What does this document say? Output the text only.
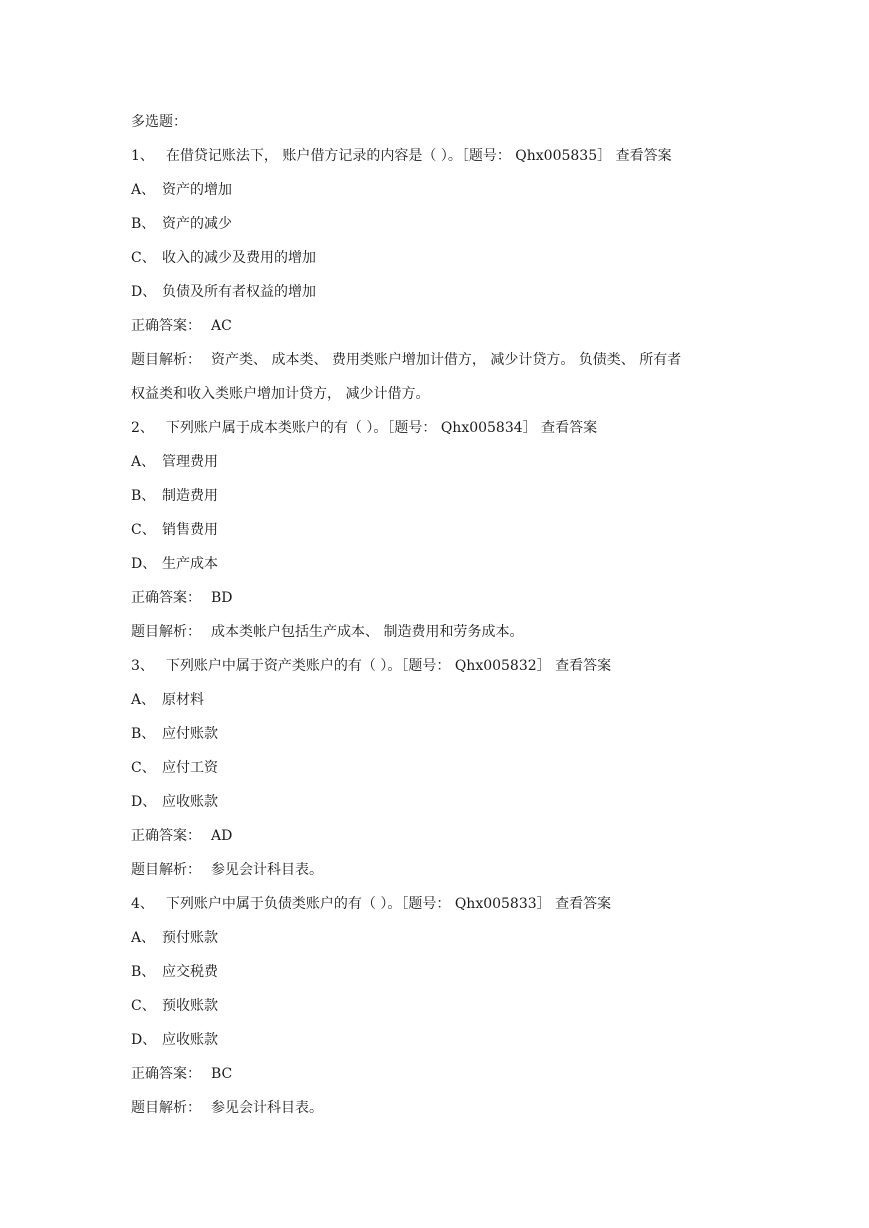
多选题：
1、 在借贷记账法下， 账户借方记录的内容是（ ）。［题号： Qhx005835］ 查看答案
A、 资产的增加
B、 资产的减少
C、 收入的减少及费用的增加
D、 负债及所有者权益的增加
正确答案： AC
题目解析： 资产类、 成本类、 费用类账户增加计借方， 减少计贷方。 负债类、 所有者
权益类和收入类账户增加计贷方， 减少计借方。
2、 下列账户属于成本类账户的有（ ）。［题号： Qhx005834］ 查看答案
A、 管理费用
B、 制造费用
C、 销售费用
D、 生产成本
正确答案： BD
题目解析： 成本类帐户包括生产成本、 制造费用和劳务成本。
3、 下列账户中属于资产类账户的有（ ）。［题号： Qhx005832］ 查看答案
A、 原材料
B、 应付账款
C、 应付工资
D、 应收账款
正确答案： AD
题目解析： 参见会计科目表。
4、 下列账户中属于负债类账户的有（ ）。［题号： Qhx005833］ 查看答案
A、 预付账款
B、 应交税费
C、 预收账款
D、 应收账款
正确答案： BC
题目解析： 参见会计科目表。
